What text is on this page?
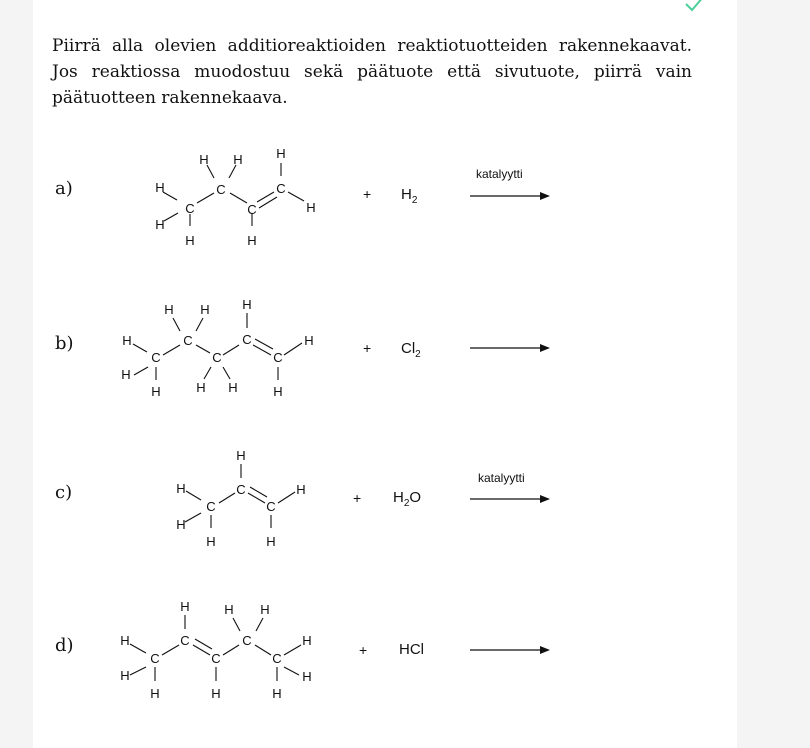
Piirrä alla olevien additioreaktioiden reaktiotuotteiden rakennekaavat. Jos reaktiossa muodostuu sekä päätuote että sivutuote, piirrä vain päätuotteen rakennekaava.
a)
H H	H
H	C	C
C	C	H
H
H	H
+ $H_2$
katalyytti
b)
H H	H
C	C
H	H
C	C	C
H
H	H H	H
+ $Cl_2$
c)
H
H	C	H
C	C
H
H	H
+ $H_2O$
katalyytti
d)
H	H H
C	C
H	H
C	C	C
H	H
H	H	H
+ HCl
